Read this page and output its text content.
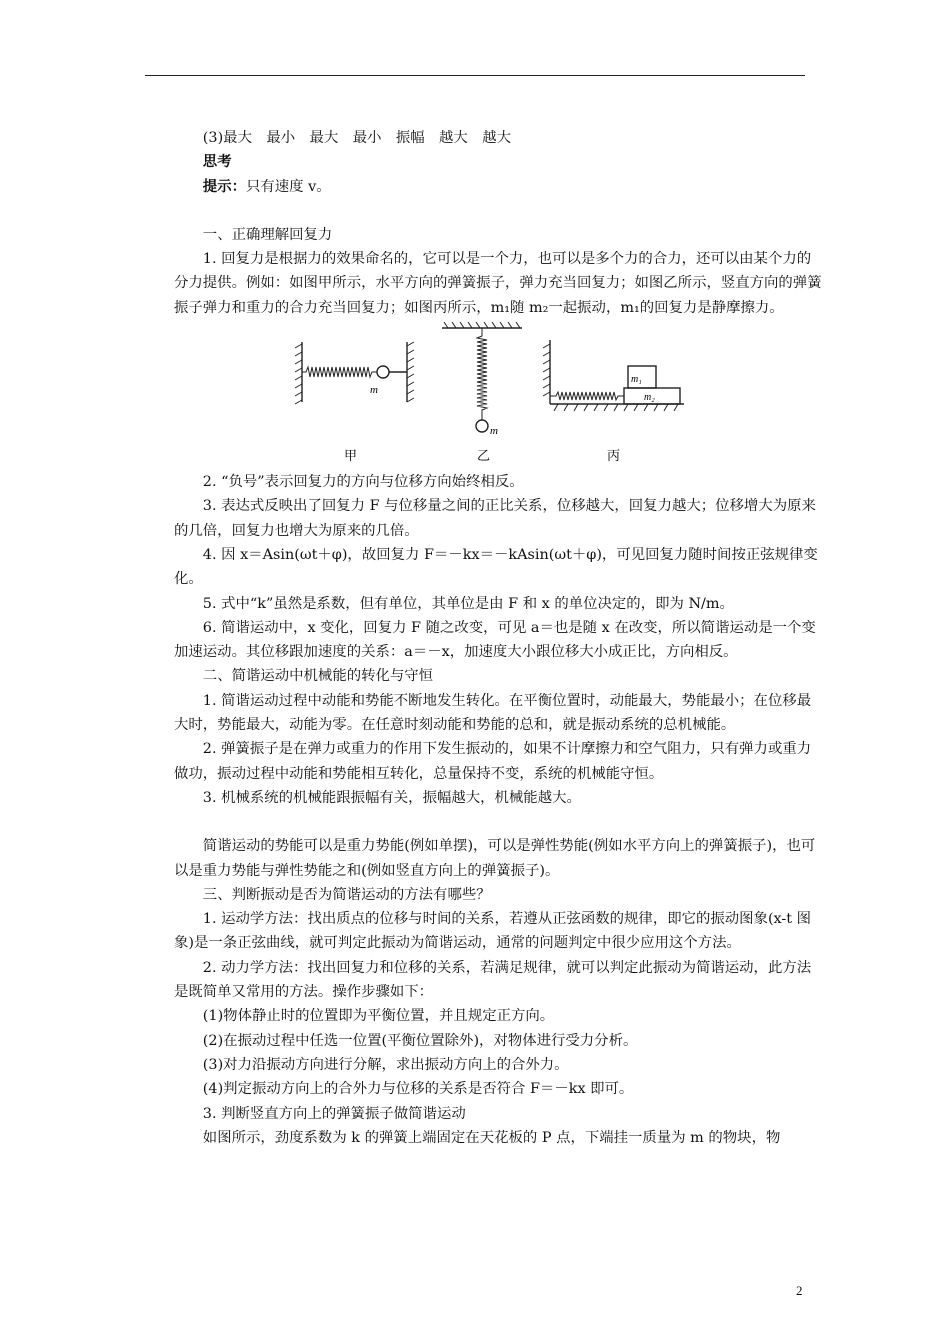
(3)最大　最小　最大　最小　振幅　越大　越大

思考

提示：只有速度 v。

一、正确理解回复力

1. 回复力是根据力的效果命名的，它可以是一个力，也可以是多个力的合力，还可以由某个力的分力提供。例如：如图甲所示，水平方向的弹簧振子，弹力充当回复力；如图乙所示，竖直方向的弹簧振子弹力和重力的合力充当回复力；如图丙所示，m₁随 m₂一起振动，m₁的回复力是静摩擦力。

m
甲
m
乙
m₁
m₂
丙

2. “负号”表示回复力的方向与位移方向始终相反。

3. 表达式反映出了回复力 F 与位移量之间的正比关系，位移越大，回复力越大；位移增大为原来的几倍，回复力也增大为原来的几倍。

4. 因 x＝Asin(ωt＋φ)，故回复力 F＝－kx＝－kAsin(ωt＋φ)，可见回复力随时间按正弦规律变化。

5. 式中“k”虽然是系数，但有单位，其单位是由 F 和 x 的单位决定的，即为 N/m。

6. 简谐运动中，x 变化，回复力 F 随之改变，可见 a＝也是随 x 在改变，所以简谐运动是一个变加速运动。其位移跟加速度的关系：a＝－x，加速度大小跟位移大小成正比，方向相反。

二、简谐运动中机械能的转化与守恒

1. 简谐运动过程中动能和势能不断地发生转化。在平衡位置时，动能最大，势能最小；在位移最大时，势能最大，动能为零。在任意时刻动能和势能的总和，就是振动系统的总机械能。

2. 弹簧振子是在弹力或重力的作用下发生振动的，如果不计摩擦力和空气阻力，只有弹力或重力做功，振动过程中动能和势能相互转化，总量保持不变，系统的机械能守恒。

3. 机械系统的机械能跟振幅有关，振幅越大，机械能越大。

简谐运动的势能可以是重力势能(例如单摆)，可以是弹性势能(例如水平方向上的弹簧振子)，也可以是重力势能与弹性势能之和(例如竖直方向上的弹簧振子)。

三、判断振动是否为简谐运动的方法有哪些？

1. 运动学方法：找出质点的位移与时间的关系，若遵从正弦函数的规律，即它的振动图象(x-t 图象)是一条正弦曲线，就可判定此振动为简谐运动，通常的问题判定中很少应用这个方法。

2. 动力学方法：找出回复力和位移的关系，若满足规律，就可以判定此振动为简谐运动，此方法是既简单又常用的方法。操作步骤如下：

(1)物体静止时的位置即为平衡位置，并且规定正方向。

(2)在振动过程中任选一位置(平衡位置除外)，对物体进行受力分析。

(3)对力沿振动方向进行分解，求出振动方向上的合外力。

(4)判定振动方向上的合外力与位移的关系是否符合 F＝－kx 即可。

3. 判断竖直方向上的弹簧振子做简谐运动

如图所示，劲度系数为 k 的弹簧上端固定在天花板的 P 点，下端挂一质量为 m 的物块，物

2
